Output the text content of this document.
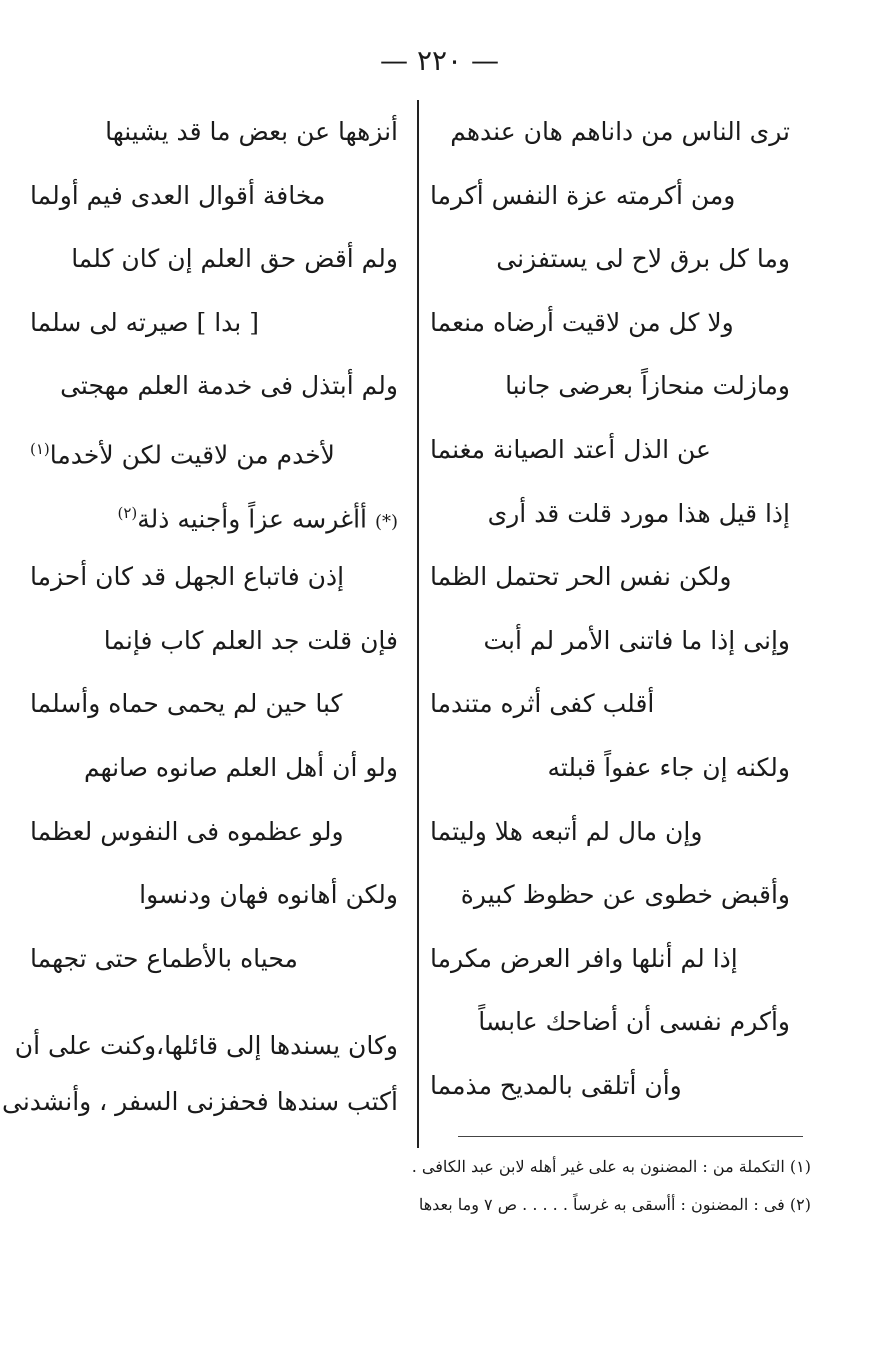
— ٢٢٠ —
ترى الناس من داناهم هان عندهم
ومن أكرمته عزة النفس أكرما
وما كل برق لاح لى يستفزنى
ولا كل من لاقيت أرضاه منعما
ومازلت منحازاً بعرضى جانبا
عن الذل أعتد الصيانة مغنما
إذا قيل هذا مورد قلت قد أرى
ولكن نفس الحر تحتمل الظما
وإنى إذا ما فاتنى الأمر لم أبت
أقلب كفى أثره متندما
ولكنه إن جاء عفواً قبلته
وإن مال لم أتبعه هلا وليتما
وأقبض خطوى عن حظوظ كبيرة
إذا لم أنلها وافر العرض مكرما
وأكرم نفسى أن أضاحك عابساً
وأن أتلقى بالمديح مذمما
أنزهها عن بعض ما قد يشينها
مخافة أقوال العدى فيم أولما
ولم أقض حق العلم إن كان كلما
[ بدا ] صيرته لى سلما
ولم أبتذل فى خدمة العلم مهجتى
لأخدم من لاقيت لكن لأخدما$^{(١)}$
(*) أأغرسه عزاً وأجنيه ذلة$^{(٢)}$
إذن فاتباع الجهل قد كان أحزما
فإن قلت جد العلم كاب فإنما
كبا حين لم يحمى حماه وأسلما
ولو أن أهل العلم صانوه صانهم
ولو عظموه فى النفوس لعظما
ولكن أهانوه فهان ودنسوا
محياه بالأطماع حتى تجهما
وكان يسندها إلى قائلها،وكنت على أن
أكتب سندها فحفزنى السفر ، وأنشدنى
(١) التكملة من : المضنون به على غير أهله لابن عبد الكافى .
(٢) فى : المضنون : أأسقى به غرساً . . . . . ص ٧ وما بعدها
